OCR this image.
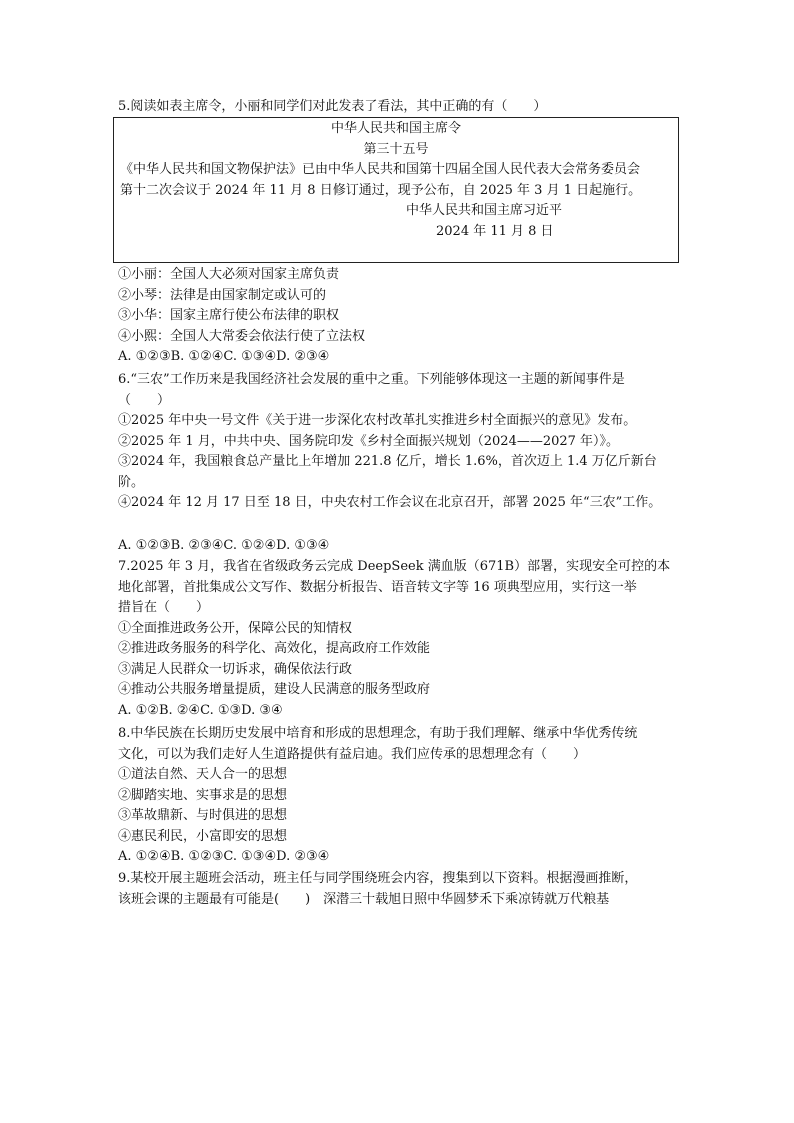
5.阅读如表主席令，小丽和同学们对此发表了看法，其中正确的有（　　）
中华人民共和国主席令
第三十五号
《中华人民共和国文物保护法》已由中华人民共和国第十四届全国人民代表大会常务委员会
第十二次会议于 2024 年 11 月 8 日修订通过，现予公布，自 2025 年 3 月 1 日起施行。
中华人民共和国主席习近平
2024 年 11 月 8 日
①小丽：全国人大必须对国家主席负责
②小琴：法律是由国家制定或认可的
③小华：国家主席行使公布法律的职权
④小熙：全国人大常委会依法行使了立法权
A. ①②③B. ①②④C. ①③④D. ②③④
6.“三农”工作历来是我国经济社会发展的重中之重。下列能够体现这一主题的新闻事件是
（　　）
①2025 年中央一号文件《关于进一步深化农村改革扎实推进乡村全面振兴的意见》发布。
②2025 年 1 月，中共中央、国务院印发《乡村全面振兴规划（2024——2027 年）》。
③2024 年，我国粮食总产量比上年增加 221.8 亿斤，增长 1.6%，首次迈上 1.4 万亿斤新台
阶。
④2024 年 12 月 17 日至 18 日，中央农村工作会议在北京召开，部署 2025 年“三农”工作。
A. ①②③B. ②③④C. ①②④D. ①③④
7.2025 年 3 月，我省在省级政务云完成 DeepSeek 满血版（671B）部署，实现安全可控的本
地化部署，首批集成公文写作、数据分析报告、语音转文字等 16 项典型应用，实行这一举
措旨在（　　）
①全面推进政务公开，保障公民的知情权
②推进政务服务的科学化、高效化，提高政府工作效能
③满足人民群众一切诉求，确保依法行政
④推动公共服务增量提质，建设人民满意的服务型政府
A. ①②B. ②④C. ①③D. ③④
8.中华民族在长期历史发展中培育和形成的思想理念，有助于我们理解、继承中华优秀传统
文化，可以为我们走好人生道路提供有益启迪。我们应传承的思想理念有（　　）
①道法自然、天人合一的思想
②脚踏实地、实事求是的思想
③革故鼎新、与时俱进的思想
④惠民利民，小富即安的思想
A. ①②④B. ①②③C. ①③④D. ②③④
9.某校开展主题班会活动，班主任与同学围绕班会内容，搜集到以下资料。根据漫画推断，
该班会课的主题最有可能是(　　)　深潜三十载旭日照中华圆梦禾下乘凉铸就万代粮基
